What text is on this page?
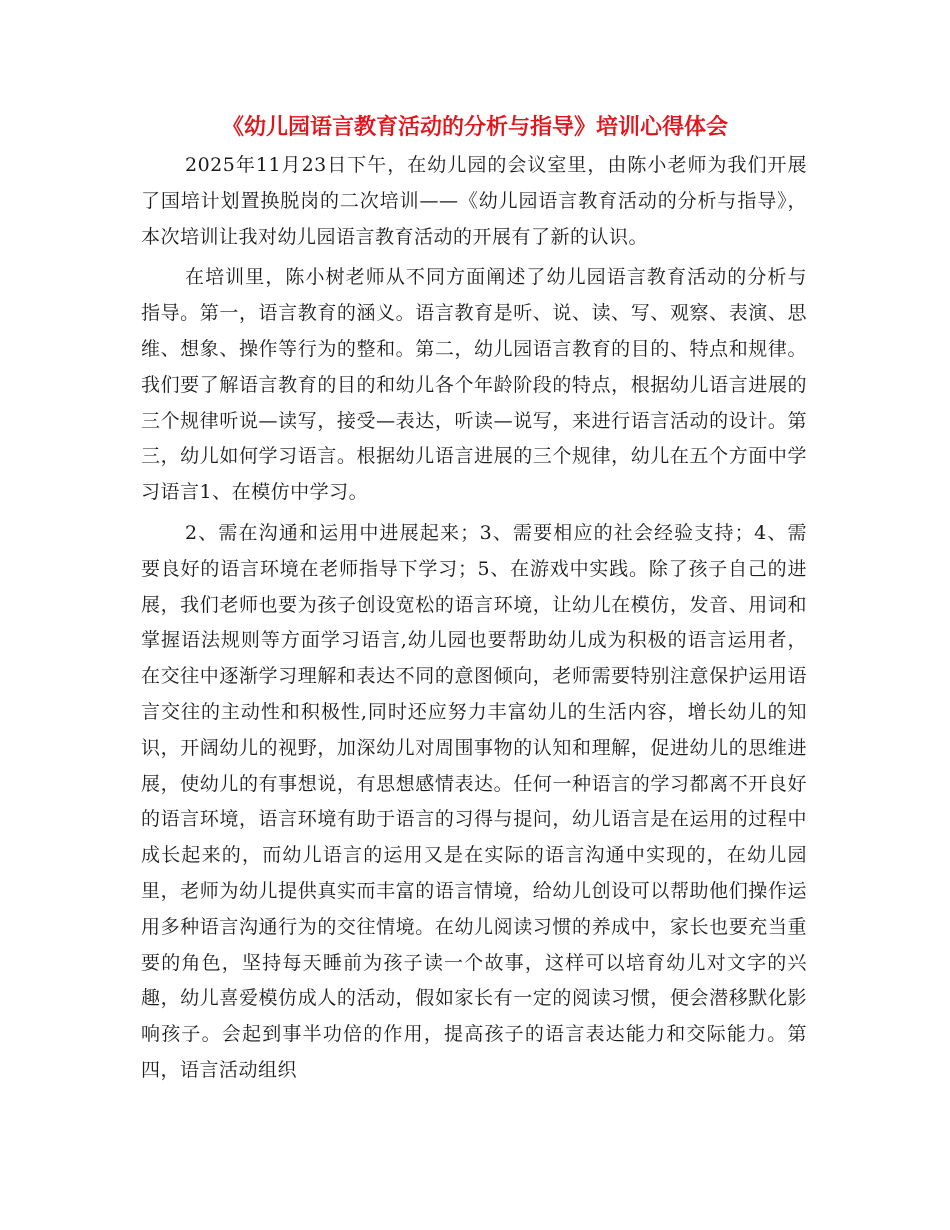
《幼儿园语言教育活动的分析与指导》培训心得体会

2025年11月23日下午，在幼儿园的会议室里，由陈小老师为我们开展了国培计划置换脱岗的二次培训——《幼儿园语言教育活动的分析与指导》，本次培训让我对幼儿园语言教育活动的开展有了新的认识。

在培训里，陈小树老师从不同方面阐述了幼儿园语言教育活动的分析与指导。第一，语言教育的涵义。语言教育是听、说、读、写、观察、表演、思维、想象、操作等行为的整和。第二，幼儿园语言教育的目的、特点和规律。我们要了解语言教育的目的和幼儿各个年龄阶段的特点，根据幼儿语言进展的三个规律听说—读写，接受—表达，听读—说写，来进行语言活动的设计。第三，幼儿如何学习语言。根据幼儿语言进展的三个规律，幼儿在五个方面中学习语言1、在模仿中学习。

2、需在沟通和运用中进展起来；3、需要相应的社会经验支持；4、需要良好的语言环境在老师指导下学习；5、在游戏中实践。除了孩子自己的进展，我们老师也要为孩子创设宽松的语言环境，让幼儿在模仿，发音、用词和掌握语法规则等方面学习语言,幼儿园也要帮助幼儿成为积极的语言运用者，在交往中逐渐学习理解和表达不同的意图倾向，老师需要特别注意保护运用语言交往的主动性和积极性,同时还应努力丰富幼儿的生活内容，增长幼儿的知识，开阔幼儿的视野，加深幼儿对周围事物的认知和理解，促进幼儿的思维进展，使幼儿的有事想说，有思想感情表达。任何一种语言的学习都离不开良好的语言环境，语言环境有助于语言的习得与提问，幼儿语言是在运用的过程中成长起来的，而幼儿语言的运用又是在实际的语言沟通中实现的，在幼儿园里，老师为幼儿提供真实而丰富的语言情境，给幼儿创设可以帮助他们操作运用多种语言沟通行为的交往情境。在幼儿阅读习惯的养成中，家长也要充当重要的角色，坚持每天睡前为孩子读一个故事，这样可以培育幼儿对文字的兴趣，幼儿喜爱模仿成人的活动，假如家长有一定的阅读习惯，便会潜移默化影响孩子。会起到事半功倍的作用，提高孩子的语言表达能力和交际能力。第四，语言活动组织
